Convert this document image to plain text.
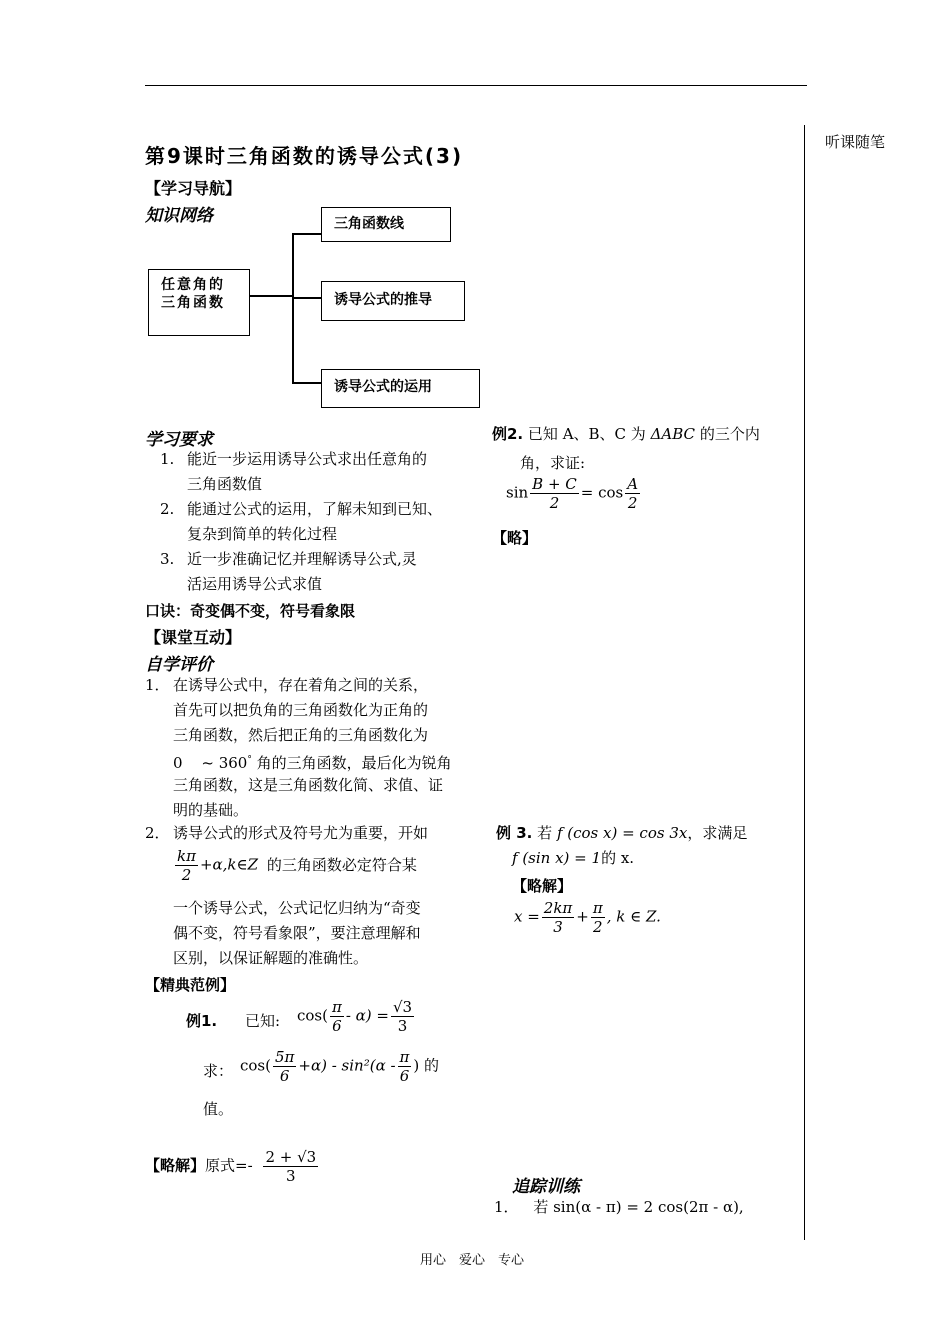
听课随笔
第9课时三角函数的诱导公式(3)
【学习导航】
知识网络
任意角的三角函数
三角函数线
诱导公式的推导
诱导公式的运用
学习要求
1. 能近一步运用诱导公式求出任意角的
三角函数值
2. 能通过公式的运用，了解未知到已知、
复杂到简单的转化过程
3. 近一步准确记忆并理解诱导公式,灵
活运用诱导公式求值
口诀：奇变偶不变，符号看象限
【课堂互动】
自学评价
1． 在诱导公式中，存在着角之间的关系，
首先可以把负角的三角函数化为正角的
三角函数，然后把正角的三角函数化为
0 ~ 360° 角的三角函数，最后化为锐角
三角函数，这是三角函数化简、求值、证
明的基础。
2． 诱导公式的形式及符号尤为重要，开如
$\frac{k\pi}{2}$ +α,k∈Z 的三角函数必定符合某
一个诱导公式，公式记忆归纳为“奇变
偶不变，符号看象限”，要注意理解和
区别，以保证解题的准确性。
【精典范例】
例1. 已知: $\cos( \frac{\pi}{6} - \alpha) = \frac{√3}{3}$
求： $\cos( \frac{5\pi}{6} +\alpha) - \sin^2(\alpha - \frac{\pi}{6}$ ) 的
值。
【略解】原式=- $\frac{2 + √3}{3}$
例2. 已知 A、B、C 为 ΔABC 的三个内
角，求证:
$\sin \frac{B + C}{2} = \cos \frac{A}{2}$
【略】
例 3. 若 f (cos x) = cos 3x，求满足
f (sin x) = 1的 x.
【略解】
$x = \frac{2k\pi}{3} + \frac{\pi}{2}$ , k ∈ Z.
追踪训练
1． 若 sin(α - π) = 2 cos(2π - α),
用心　爱心　专心
